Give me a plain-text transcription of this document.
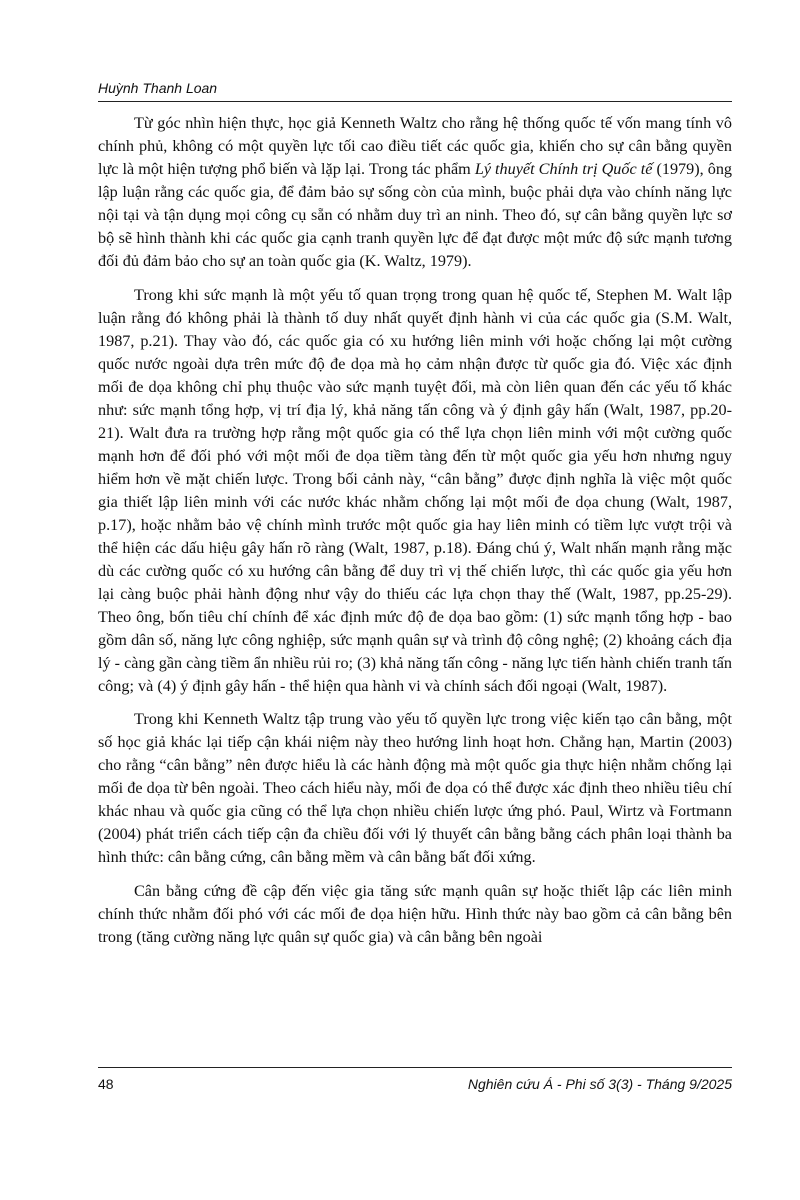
Huỳnh Thanh Loan

Từ góc nhìn hiện thực, học giả Kenneth Waltz cho rằng hệ thống quốc tế vốn mang tính vô chính phủ, không có một quyền lực tối cao điều tiết các quốc gia, khiến cho sự cân bằng quyền lực là một hiện tượng phổ biến và lặp lại. Trong tác phẩm Lý thuyết Chính trị Quốc tế (1979), ông lập luận rằng các quốc gia, để đảm bảo sự sống còn của mình, buộc phải dựa vào chính năng lực nội tại và tận dụng mọi công cụ sẵn có nhằm duy trì an ninh. Theo đó, sự cân bằng quyền lực sơ bộ sẽ hình thành khi các quốc gia cạnh tranh quyền lực để đạt được một mức độ sức mạnh tương đối đủ đảm bảo cho sự an toàn quốc gia (K. Waltz, 1979).

Trong khi sức mạnh là một yếu tố quan trọng trong quan hệ quốc tế, Stephen M. Walt lập luận rằng đó không phải là thành tố duy nhất quyết định hành vi của các quốc gia (S.M. Walt, 1987, p.21). Thay vào đó, các quốc gia có xu hướng liên minh với hoặc chống lại một cường quốc nước ngoài dựa trên mức độ đe dọa mà họ cảm nhận được từ quốc gia đó. Việc xác định mối đe dọa không chỉ phụ thuộc vào sức mạnh tuyệt đối, mà còn liên quan đến các yếu tố khác như: sức mạnh tổng hợp, vị trí địa lý, khả năng tấn công và ý định gây hấn (Walt, 1987, pp.20-21). Walt đưa ra trường hợp rằng một quốc gia có thể lựa chọn liên minh với một cường quốc mạnh hơn để đối phó với một mối đe dọa tiềm tàng đến từ một quốc gia yếu hơn nhưng nguy hiểm hơn về mặt chiến lược. Trong bối cảnh này, “cân bằng” được định nghĩa là việc một quốc gia thiết lập liên minh với các nước khác nhằm chống lại một mối đe dọa chung (Walt, 1987, p.17), hoặc nhằm bảo vệ chính mình trước một quốc gia hay liên minh có tiềm lực vượt trội và thể hiện các dấu hiệu gây hấn rõ ràng (Walt, 1987, p.18). Đáng chú ý, Walt nhấn mạnh rằng mặc dù các cường quốc có xu hướng cân bằng để duy trì vị thế chiến lược, thì các quốc gia yếu hơn lại càng buộc phải hành động như vậy do thiếu các lựa chọn thay thế (Walt, 1987, pp.25-29). Theo ông, bốn tiêu chí chính để xác định mức độ đe dọa bao gồm: (1) sức mạnh tổng hợp - bao gồm dân số, năng lực công nghiệp, sức mạnh quân sự và trình độ công nghệ; (2) khoảng cách địa lý - càng gần càng tiềm ẩn nhiều rủi ro; (3) khả năng tấn công - năng lực tiến hành chiến tranh tấn công; và (4) ý định gây hấn - thể hiện qua hành vi và chính sách đối ngoại (Walt, 1987).

Trong khi Kenneth Waltz tập trung vào yếu tố quyền lực trong việc kiến tạo cân bằng, một số học giả khác lại tiếp cận khái niệm này theo hướng linh hoạt hơn. Chẳng hạn, Martin (2003) cho rằng “cân bằng” nên được hiểu là các hành động mà một quốc gia thực hiện nhằm chống lại mối đe dọa từ bên ngoài. Theo cách hiểu này, mối đe dọa có thể được xác định theo nhiều tiêu chí khác nhau và quốc gia cũng có thể lựa chọn nhiều chiến lược ứng phó. Paul, Wirtz và Fortmann (2004) phát triển cách tiếp cận đa chiều đối với lý thuyết cân bằng bằng cách phân loại thành ba hình thức: cân bằng cứng, cân bằng mềm và cân bằng bất đối xứng.

Cân bằng cứng đề cập đến việc gia tăng sức mạnh quân sự hoặc thiết lập các liên minh chính thức nhằm đối phó với các mối đe dọa hiện hữu. Hình thức này bao gồm cả cân bằng bên trong (tăng cường năng lực quân sự quốc gia) và cân bằng bên ngoài

48	Nghiên cứu Á - Phi số 3(3) - Tháng 9/2025
